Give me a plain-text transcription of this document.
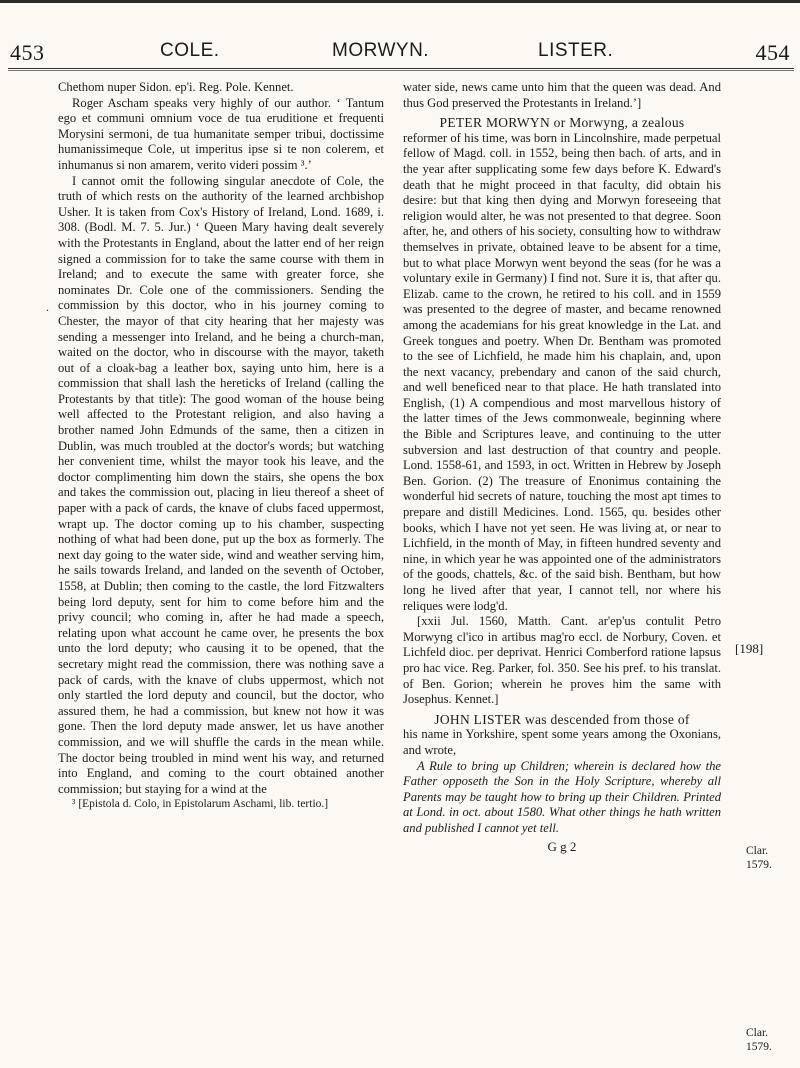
453	COLE.	MORWYN.	LISTER.	454
.

Chethom nuper Sidon. ep'i. Reg. Pole. Kennet.

Roger Ascham speaks very highly of our author. ‘ Tantum ego et communi omnium voce de tua eruditione et frequenti Morysini sermoni, de tua humanitate semper tribui, doctissime humanissimeque Cole, ut imperitus ipse si te non colerem, et inhumanus si non amarem, verito videri possim ³.’

I cannot omit the following singular anecdote of Cole, the truth of which rests on the authority of the learned archbishop Usher. It is taken from Cox's History of Ireland, Lond. 1689, i. 308. (Bodl. M. 7. 5. Jur.) ‘ Queen Mary having dealt severely with the Protestants in England, about the latter end of her reign signed a commission for to take the same course with them in Ireland; and to execute the same with greater force, she nominates Dr. Cole one of the commissioners. Sending the commission by this doctor, who in his journey coming to Chester, the mayor of that city hearing that her majesty was sending a messenger into Ireland, and he being a church-man, waited on the doctor, who in discourse with the mayor, taketh out of a cloak-bag a leather box, saying unto him, here is a commission that shall lash the hereticks of Ireland (calling the Protestants by that title): The good woman of the house being well affected to the Protestant religion, and also having a brother named John Edmunds of the same, then a citizen in Dublin, was much troubled at the doctor's words; but watching her convenient time, whilst the mayor took his leave, and the doctor complimenting him down the stairs, she opens the box and takes the commission out, placing in lieu thereof a sheet of paper with a pack of cards, the knave of clubs faced uppermost, wrapt up. The doctor coming up to his chamber, suspecting nothing of what had been done, put up the box as formerly. The next day going to the water side, wind and weather serving him, he sails towards Ireland, and landed on the seventh of October, 1558, at Dublin; then coming to the castle, the lord Fitzwalters being lord deputy, sent for him to come before him and the privy council; who coming in, after he had made a speech, relating upon what account he came over, he presents the box unto the lord deputy; who causing it to be opened, that the secretary might read the commission, there was nothing save a pack of cards, with the knave of clubs uppermost, which not only startled the lord deputy and council, but the doctor, who assured them, he had a commission, but knew not how it was gone. Then the lord deputy made answer, let us have another commission, and we will shuffle the cards in the mean while. The doctor being troubled in mind went his way, and returned into England, and coming to the court obtained another commission; but staying for a wind at the

³ [Epistola d. Colo, in Epistolarum Aschami, lib. tertio.]

water side, news came unto him that the queen was dead. And thus God preserved the Protestants in Ireland.’]

PETER MORWYN or Morwyng, a zealous

reformer of his time, was born in Lincolnshire, made perpetual fellow of Magd. coll. in 1552, being then bach. of arts, and in the year after supplicating some few days before K. Edward's death that he might proceed in that faculty, did obtain his desire: but that king then dying and Morwyn foreseeing that religion would alter, he was not presented to that degree. Soon after, he, and others of his society, consulting how to withdraw themselves in private, obtained leave to be absent for a time, but to what place Morwyn went beyond the seas (for he was a voluntary exile in Germany) I find not. Sure it is, that after qu. Elizab. came to the crown, he retired to his coll. and in 1559 was presented to the degree of master, and became renowned among the academians for his great knowledge in the Lat. and Greek tongues and poetry. When Dr. Bentham was promoted to the see of Lichfield, he made him his chaplain, and, upon the next vacancy, prebendary and canon of the said church, and well beneficed near to that place. He hath translated into English, (1) A compendious and most marvellous history of the latter times of the Jews commonweale, beginning where the Bible and Scriptures leave, and continuing to the utter subversion and last destruction of that country and people. Lond. 1558-61, and 1593, in oct. Written in Hebrew by Joseph Ben. Gorion. (2) The treasure of Enonimus containing the wonderful hid secrets of nature, touching the most apt times to prepare and distill Medicines. Lond. 1565, qu. besides other books, which I have not yet seen. He was living at, or near to Lichfield, in the month of May, in fifteen hundred seventy and nine, in which year he was appointed one of the administrators of the goods, chattels, &c. of the said bish. Bentham, but how long he lived after that year, I cannot tell, nor where his reliques were lodg'd.

[xxii Jul. 1560, Matth. Cant. ar'ep'us contulit Petro Morwyng cl'ico in artibus mag'ro eccl. de Norbury, Coven. et Lichfeld dioc. per deprivat. Henrici Comberford ratione lapsus pro hac vice. Reg. Parker, fol. 350. See his pref. to his translat. of Ben. Gorion; wherein he proves him the same with Josephus. Kennet.]

JOHN LISTER was descended from those of

his name in Yorkshire, spent some years among the Oxonians, and wrote,

A Rule to bring up Children; wherein is declared how the Father opposeth the Son in the Holy Scripture, whereby all Parents may be taught how to bring up their Children. Printed at Lond. in oct. about 1580. What other things he hath written and published I cannot yet tell.

G g 2
[198]
Clar.
1579.
Clar.
1579.
